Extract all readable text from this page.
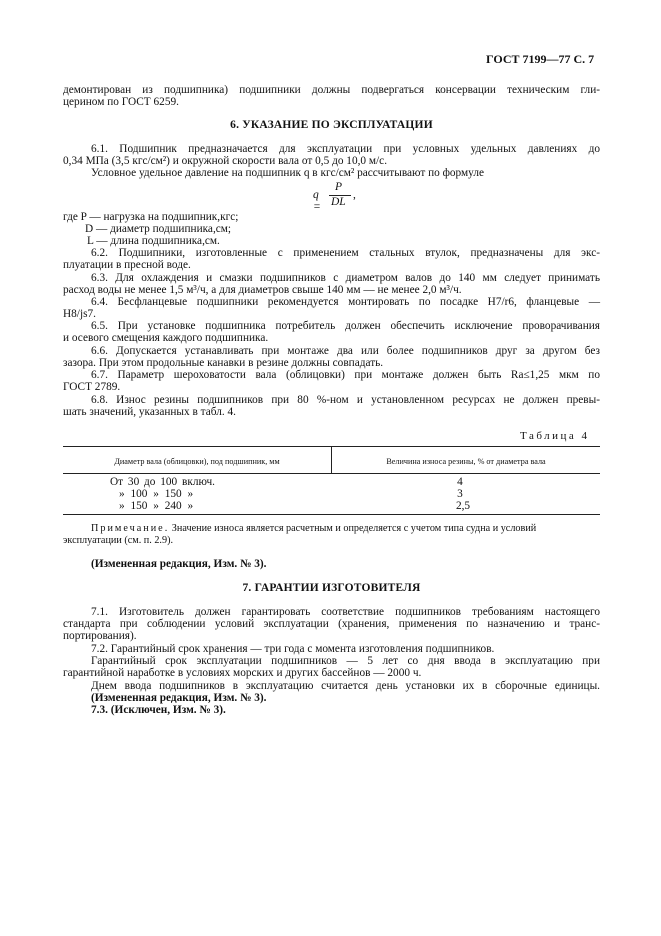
ГОСТ 7199—77 С. 7
демонтирован из подшипника) подшипники должны подвергаться консервации техническим гли-
церином по ГОСТ 6259.
6. УКАЗАНИЕ ПО ЭКСПЛУАТАЦИИ
6.1. Подшипник предназначается для эксплуатации при условных удельных давлениях до
0,34 МПа (3,5 кгс/см²) и окружной скорости вала от 0,5 до 10,0 м/с.
Условное удельное давление на подшипник q в кгс/см² рассчитывают по формуле
q =
P
DL
,
где P — нагрузка на подшипник,кгс;
D — диаметр подшипника,см;
L — длина подшипника,см.
6.2. Подшипники, изготовленные с применением стальных втулок, предназначены для экс-
плуатации в пресной воде.
6.3. Для охлаждения и смазки подшипников с диаметром валов до 140 мм следует принимать
расход воды не менее 1,5 м³/ч, а для диаметров свыше 140 мм — не менее 2,0 м³/ч.
6.4. Бесфланцевые подшипники рекомендуется монтировать по посадке H7/r6, фланцевые —
H8/js7.
6.5. При установке подшипника потребитель должен обеспечить исключение проворачивания
и осевого смещения каждого подшипника.
6.6. Допускается устанавливать при монтаже два или более подшипников друг за другом без
зазора. При этом продольные канавки в резине должны совпадать.
6.7. Параметр шероховатости вала (облицовки) при монтаже должен быть Ra≤1,25 мкм по
ГОСТ 2789.
6.8. Износ резины подшипников при 80 %-ном и установленном ресурсах не должен превы-
шать значений, указанных в табл. 4.
Таблица 4
Диаметр вала (облицовки), под подшипник, мм	Величина износа резины, % от диаметра вала
От 30 до 100 включ.	4
» 100 » 150 »	3
» 150 » 240 »	2,5
Примечание. Значение износа является расчетным и определяется с учетом типа судна и условий
эксплуатации (см. п. 2.9).
(Измененная редакция, Изм. № 3).
7. ГАРАНТИИ ИЗГОТОВИТЕЛЯ
7.1. Изготовитель должен гарантировать соответствие подшипников требованиям настоящего
стандарта при соблюдении условий эксплуатации (хранения, применения по назначению и транс-
портирования).
7.2. Гарантийный срок хранения — три года с момента изготовления подшипников.
Гарантийный срок эксплуатации подшипников — 5 лет со дня ввода в эксплуатацию при
гарантийной наработке в условиях морских и других бассейнов — 2000 ч.
Днем ввода подшипников в эксплуатацию считается день установки их в сборочные единицы.
(Измененная редакция, Изм. № 3).
7.3. (Исключен, Изм. № 3).
